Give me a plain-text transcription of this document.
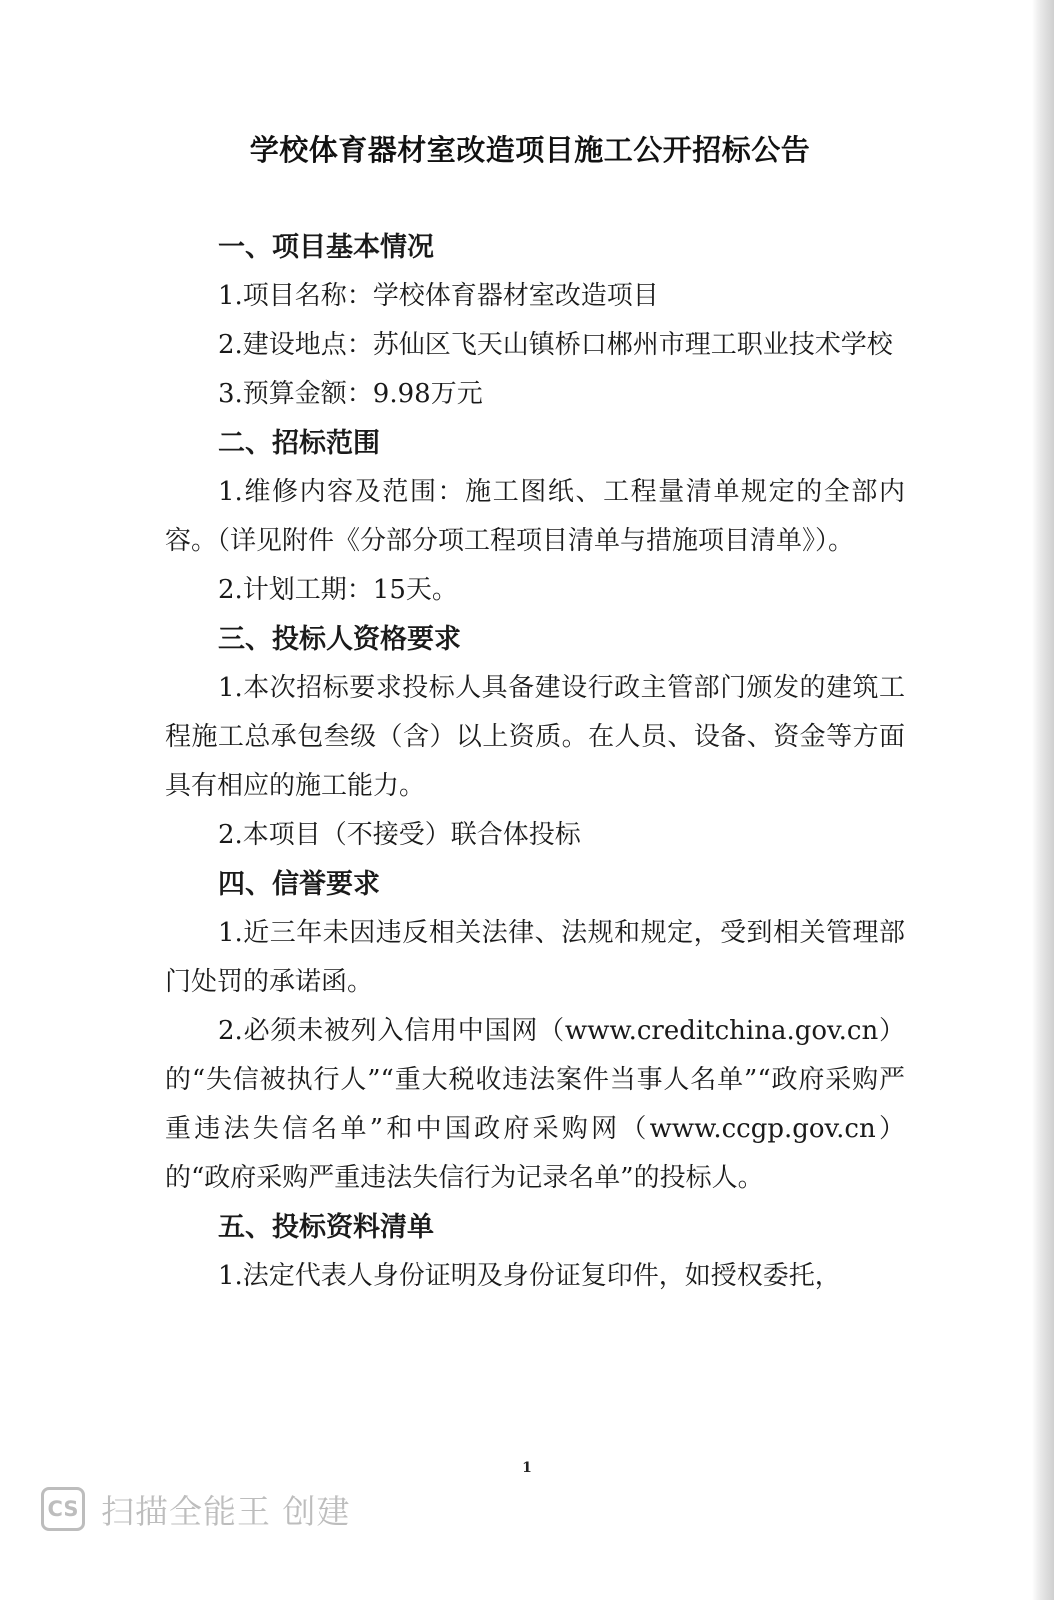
学校体育器材室改造项目施工公开招标公告

一、项目基本情况

1.项目名称：学校体育器材室改造项目

2.建设地点：苏仙区飞天山镇桥口郴州市理工职业技术学校

3.预算金额：9.98万元

二、招标范围

1.维修内容及范围：施工图纸、工程量清单规定的全部内容。（详见附件《分部分项工程项目清单与措施项目清单》）。

2.计划工期：15天。

三、投标人资格要求

1.本次招标要求投标人具备建设行政主管部门颁发的建筑工程施工总承包叁级（含）以上资质。在人员、设备、资金等方面具有相应的施工能力。

2.本项目（不接受）联合体投标

四、信誉要求

1.近三年未因违反相关法律、法规和规定，受到相关管理部门处罚的承诺函。

2.必须未被列入信用中国网（www.creditchina.gov.cn）的“失信被执行人”“重大税收违法案件当事人名单”“政府采购严重违法失信名单”和中国政府采购网（www.ccgp.gov.cn）的“政府采购严重违法失信行为记录名单”的投标人。

五、投标资料清单

1.法定代表人身份证明及身份证复印件，如授权委托，

1
CS 扫描全能王 创建
